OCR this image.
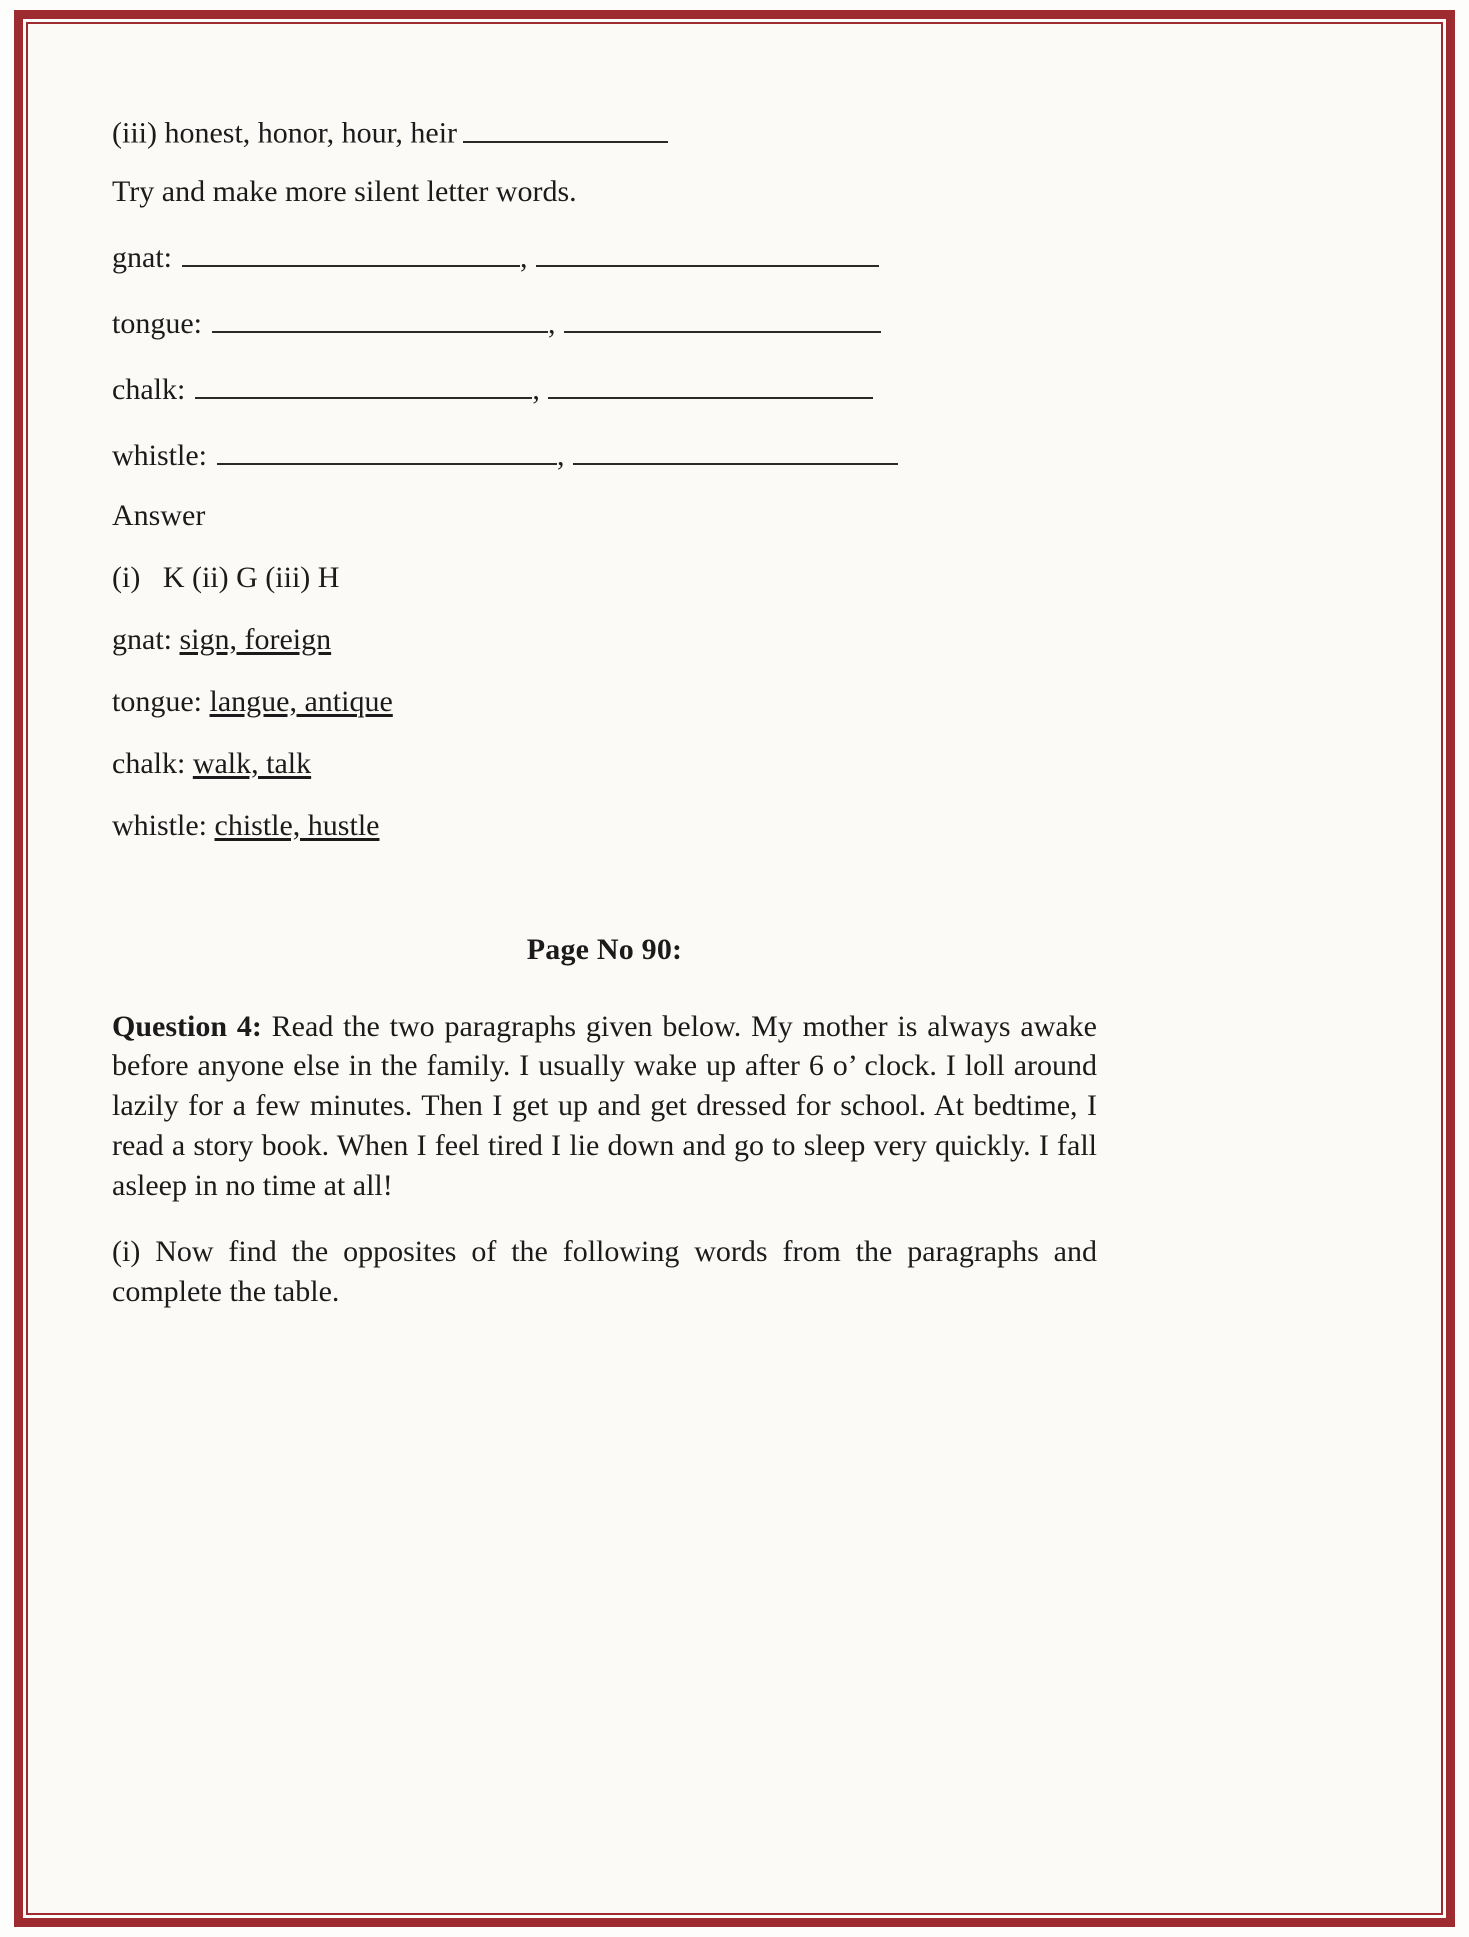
(iii) honest, honor, hour, heir
Try and make more silent letter words.
gnat:	,
tongue:	,
chalk:	,
whistle:	,
Answer
(i)   K (ii) G (iii) H
gnat: sign, foreign
tongue: langue, antique
chalk: walk, talk
whistle: chistle, hustle
Page No 90:
Question 4: Read the two paragraphs given below. My mother is always awake before anyone else in the family. I usually wake up after 6 o’ clock. I loll around lazily for a few minutes. Then I get up and get dressed for school. At bedtime, I read a story book. When I feel tired I lie down and go to sleep very quickly. I fall asleep in no time at all!
(i) Now find the opposites of the following words from the paragraphs and complete the table.
